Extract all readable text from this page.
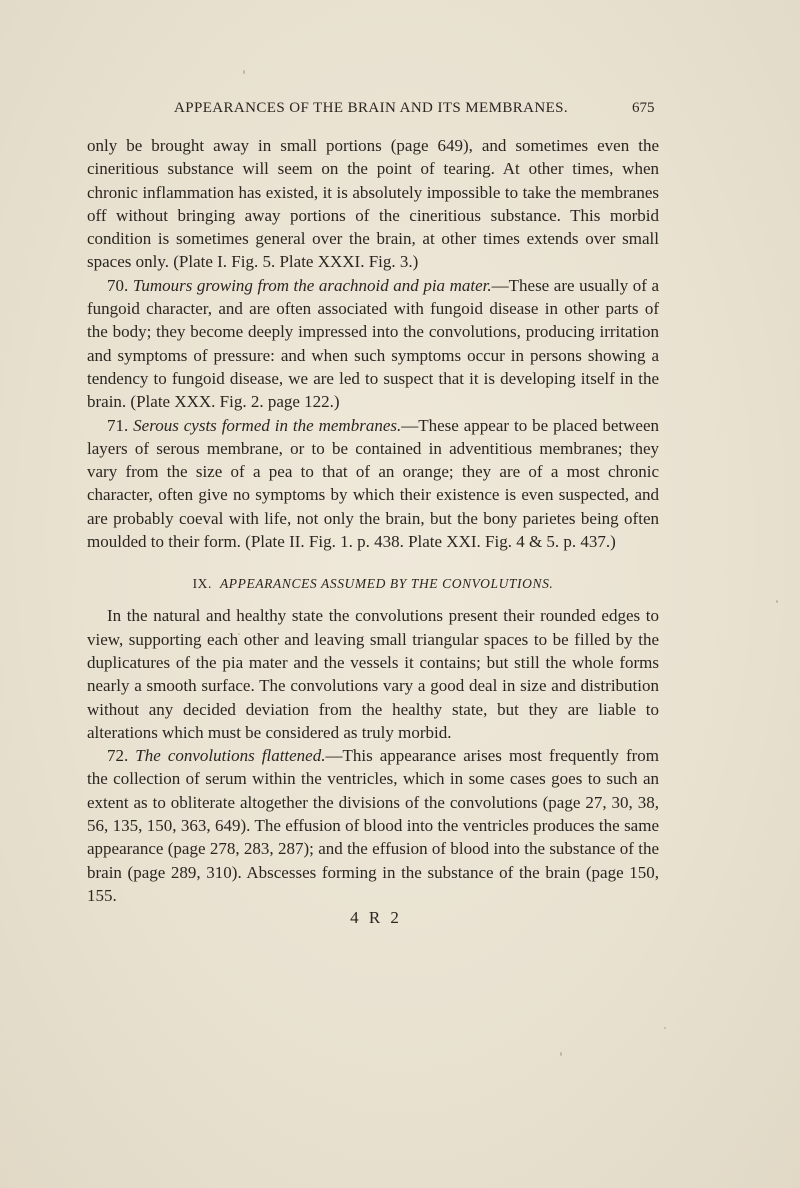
APPEARANCES OF THE BRAIN AND ITS MEMBRANES.	675

only be brought away in small portions (page 649), and sometimes even the cineritious substance will seem on the point of tearing. At other times, when chronic inflammation has existed, it is absolutely impossible to take the membranes off without bringing away portions of the cineritious substance. This morbid condition is sometimes general over the brain, at other times extends over small spaces only. (Plate I. Fig. 5. Plate XXXI. Fig. 3.)

70. Tumours growing from the arachnoid and pia mater.—These are usually of a fungoid character, and are often associated with fungoid disease in other parts of the body; they become deeply impressed into the convolutions, producing irritation and symptoms of pressure: and when such symptoms occur in persons showing a tendency to fungoid disease, we are led to suspect that it is developing itself in the brain. (Plate XXX. Fig. 2. page 122.)

71. Serous cysts formed in the membranes.—These appear to be placed between layers of serous membrane, or to be contained in adventitious membranes; they vary from the size of a pea to that of an orange; they are of a most chronic character, often give no symptoms by which their existence is even suspected, and are probably coeval with life, not only the brain, but the bony parietes being often moulded to their form. (Plate II. Fig. 1. p. 438. Plate XXI. Fig. 4 & 5. p. 437.)

IX. APPEARANCES ASSUMED BY THE CONVOLUTIONS.

In the natural and healthy state the convolutions present their rounded edges to view, supporting each other and leaving small triangular spaces to be filled by the duplicatures of the pia mater and the vessels it contains; but still the whole forms nearly a smooth surface. The convolutions vary a good deal in size and distribution without any decided deviation from the healthy state, but they are liable to alterations which must be considered as truly morbid.

72. The convolutions flattened.—This appearance arises most frequently from the collection of serum within the ventricles, which in some cases goes to such an extent as to obliterate altogether the divisions of the convolutions (page 27, 30, 38, 56, 135, 150, 363, 649). The effusion of blood into the ventricles produces the same appearance (page 278, 283, 287); and the effusion of blood into the substance of the brain (page 289, 310). Abscesses forming in the substance of the brain (page 150, 155.

4 R 2
